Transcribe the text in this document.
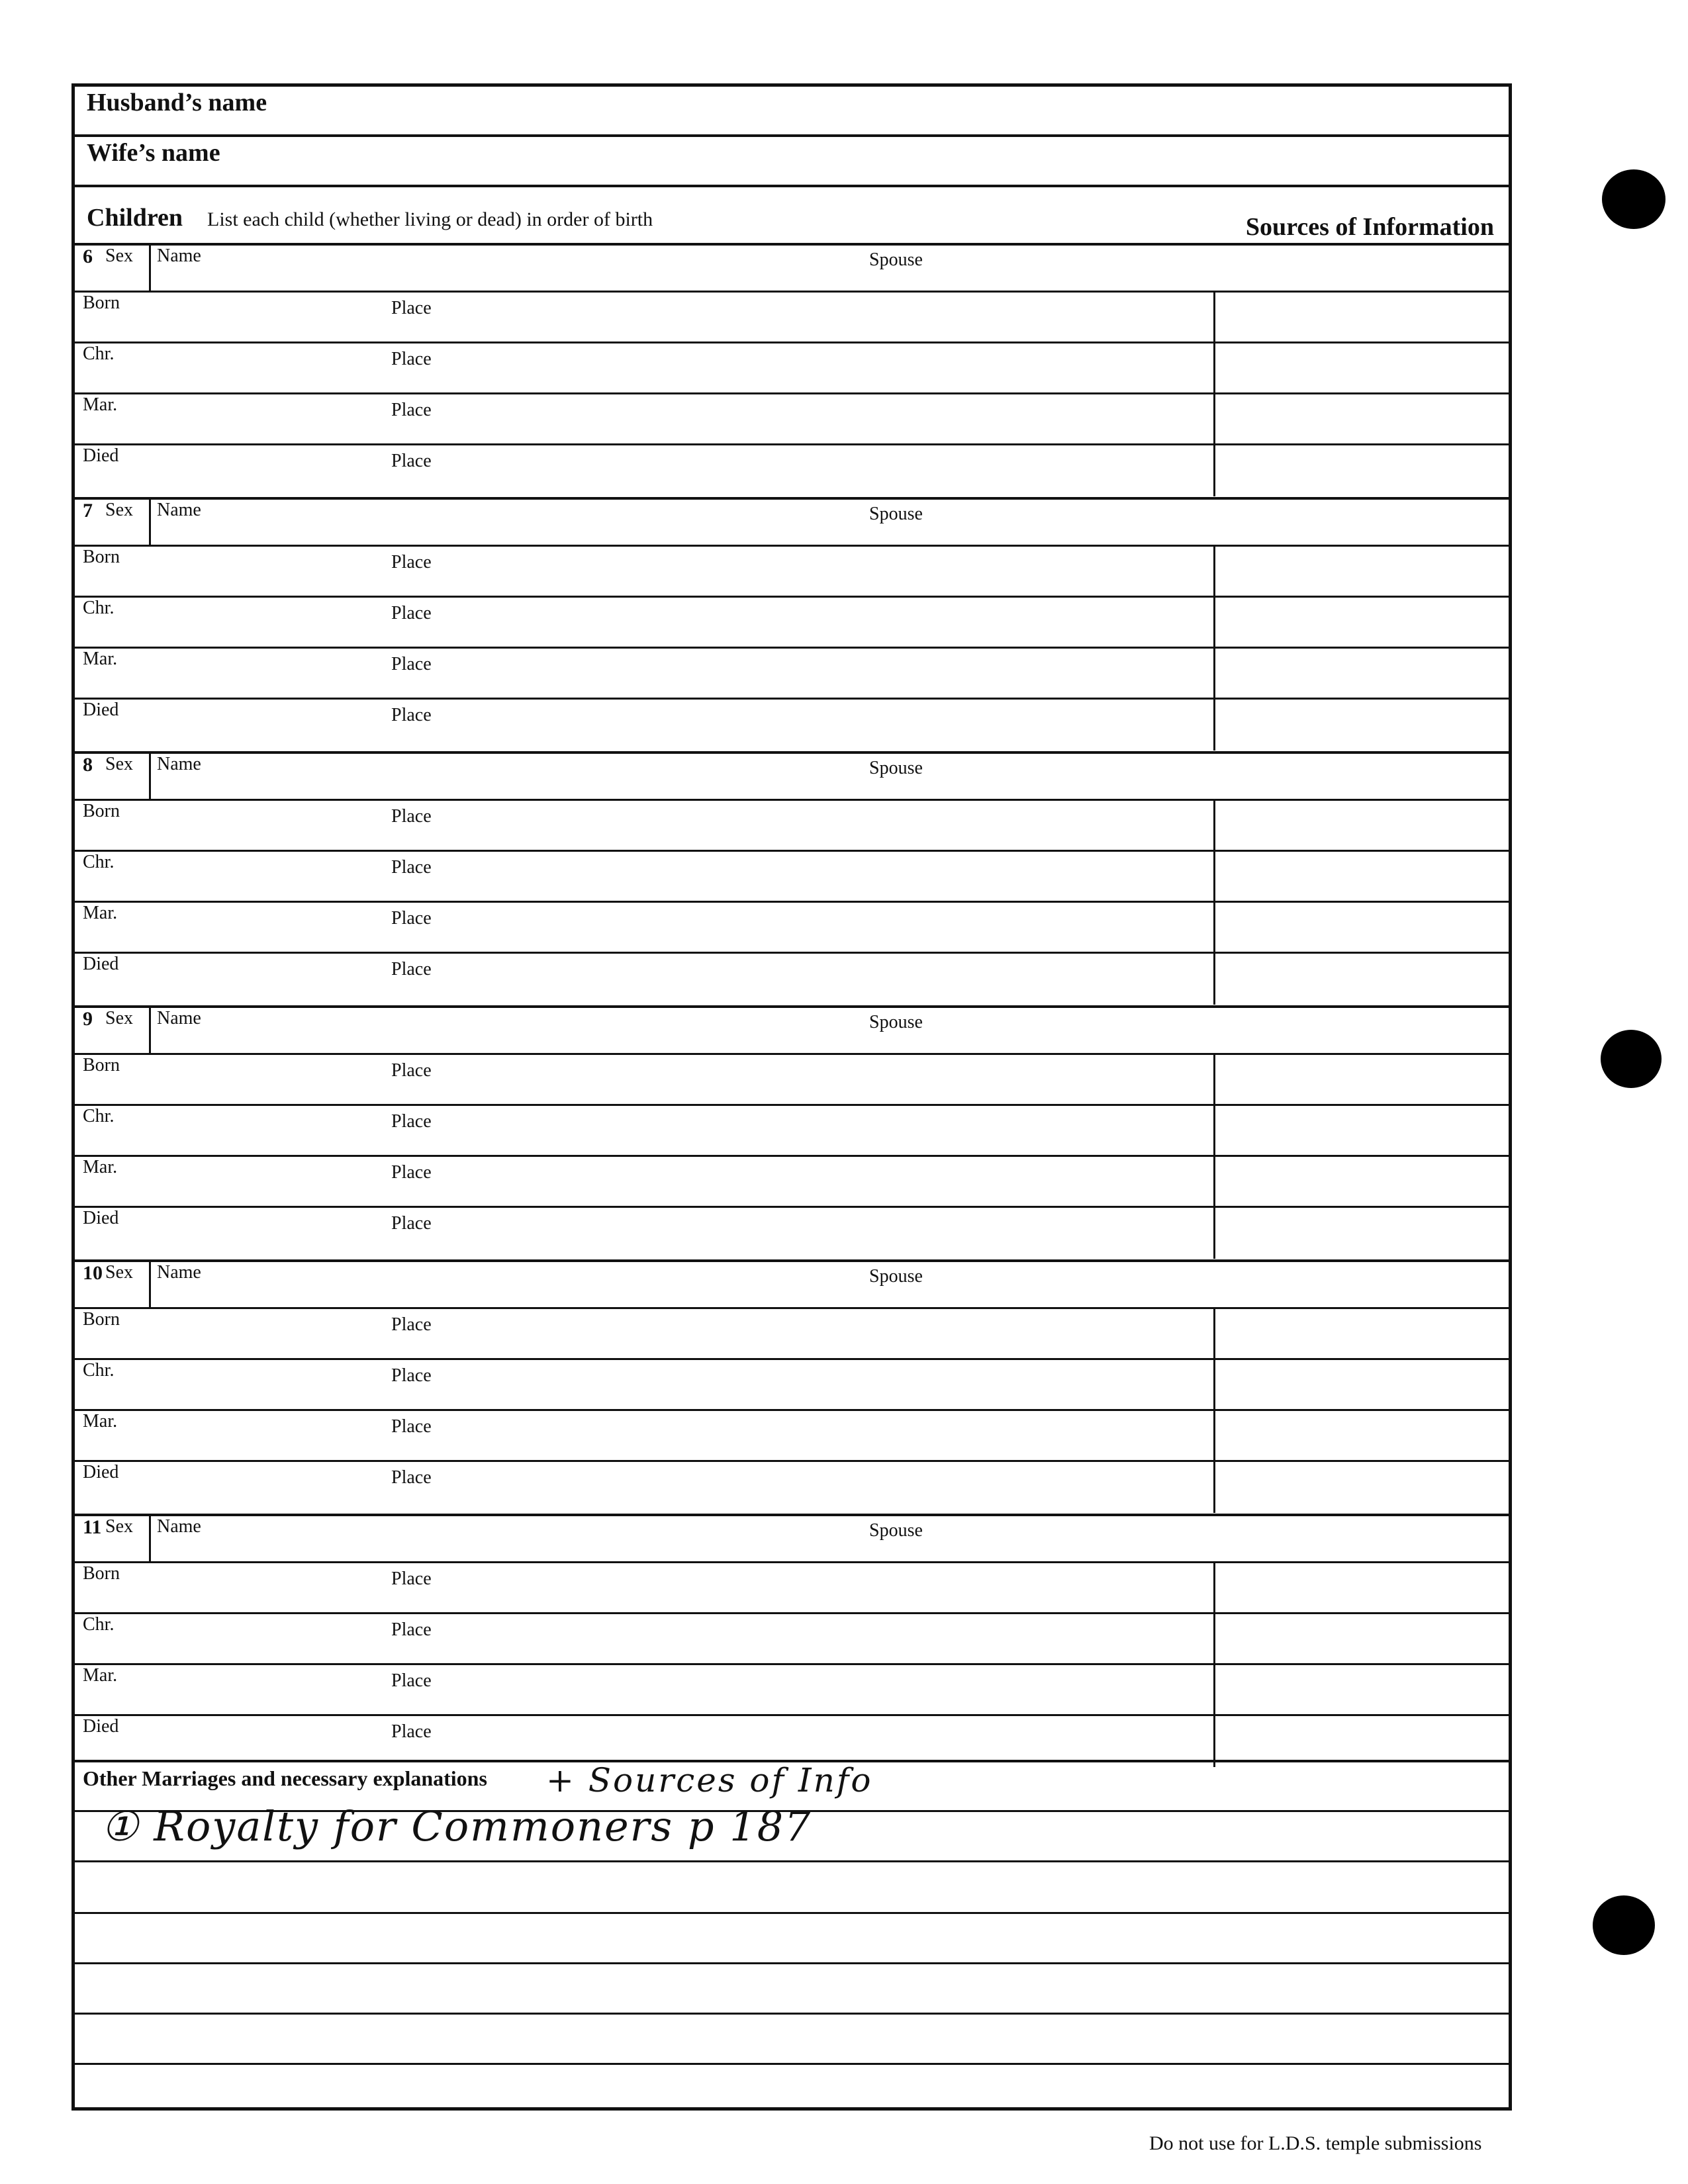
Husband’s name
Wife’s name
Children List each child (whether living or dead) in order of birth	Sources of Information
6 Sex Name	Spouse
Born	Place
Chr.	Place
Mar.	Place
Died	Place
7 Sex Name	Spouse
Born	Place
Chr.	Place
Mar.	Place
Died	Place
8 Sex Name	Spouse
Born	Place
Chr.	Place
Mar.	Place
Died	Place
9 Sex Name	Spouse
Born	Place
Chr.	Place
Mar.	Place
Died	Place
10 Sex Name	Spouse
Born	Place
Chr.	Place
Mar.	Place
Died	Place
11 Sex Name	Spouse
Born	Place
Chr.	Place
Mar.	Place
Died	Place
Other Marriages and necessary explanations + Sources of Info
① Royalty for Commoners p 187
Do not use for L.D.S. temple submissions
